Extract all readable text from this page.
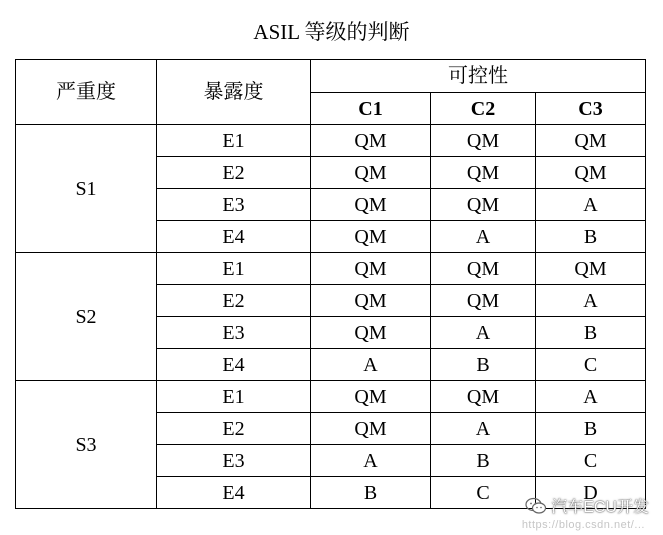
ASIL 等级的判断
严重度	暴露度	可控性		
		C1	C2	C3
S1	E1	QM	QM	QM
	E2	QM	QM	QM
	E3	QM	QM	A
	E4	QM	A	B
S2	E1	QM	QM	QM
	E2	QM	QM	A
	E3	QM	A	B
	E4	A	B	C
S3	E1	QM	QM	A
	E2	QM	A	B
	E3	A	B	C
	E4	B	C	D
汽车ECU开发
https://blog.csdn.net/...
